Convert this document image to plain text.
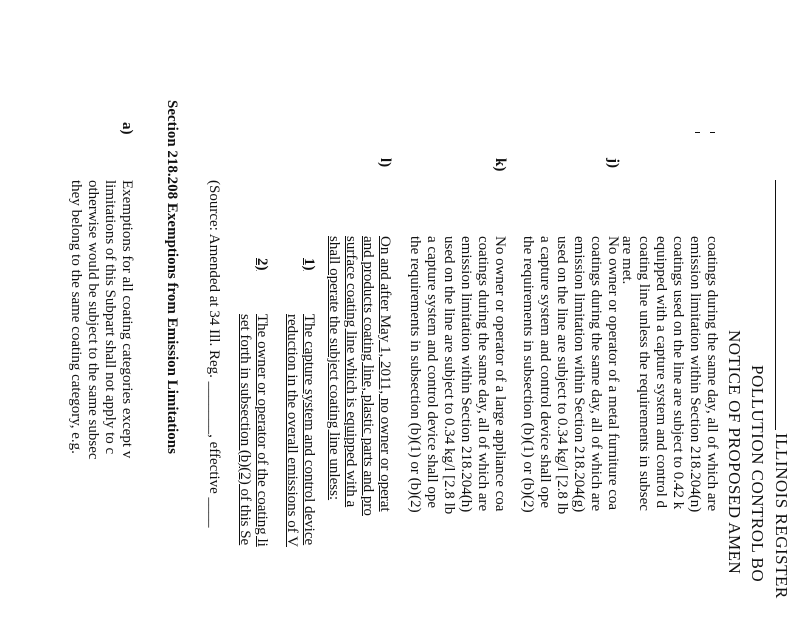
ILLINOIS REGISTER
POLLUTION CONTROL BO
NOTICE OF PROPOSED AMEN
coatings during the same day, all of which are
emission limitation within Section 218.204(n)
coatings used on the line are subject to 0.42 k
equipped with a capture system and control d
coating line unless the requirements in subsec
are met.
j)
No owner or operator of a metal furniture coa
coatings during the same day, all of which are
emission limitation within Section 218.204(g)
used on the line are subject to 0.34 kg/l [2.8 lb
a capture system and control device shall ope
the requirements in subsection (b)(1) or (b)(2)
k)
No owner or operator of a large appliance coa
coatings during the same day, all of which are
emission limitation within Section 218.204(h)
used on the line are subject to 0.34 kg/l [2.8 lb
a capture system and control device shall ope
the requirements in subsection (b)(1) or (b)(2)
l)
On and after May 1, 2011, no owner or operat
and products coating line, plastic parts and pro
surface coating line which is equipped with a
shall operate the subject coating line unless:
1)
The capture system and control device
reduction in the overall emissions of V
2)
The owner or operator of the coating li
set forth in subsection (b)(2) of this Se
(Source: Amended at 34 Ill. Reg. _______, effective ____
Section 218.208 Exemptions from Emission Limitations
a)
Exemptions for all coating categories except v
limitations of this Subpart shall not apply to c
otherwise would be subject to the same subsec
they belong to the same coating category, e.g.
